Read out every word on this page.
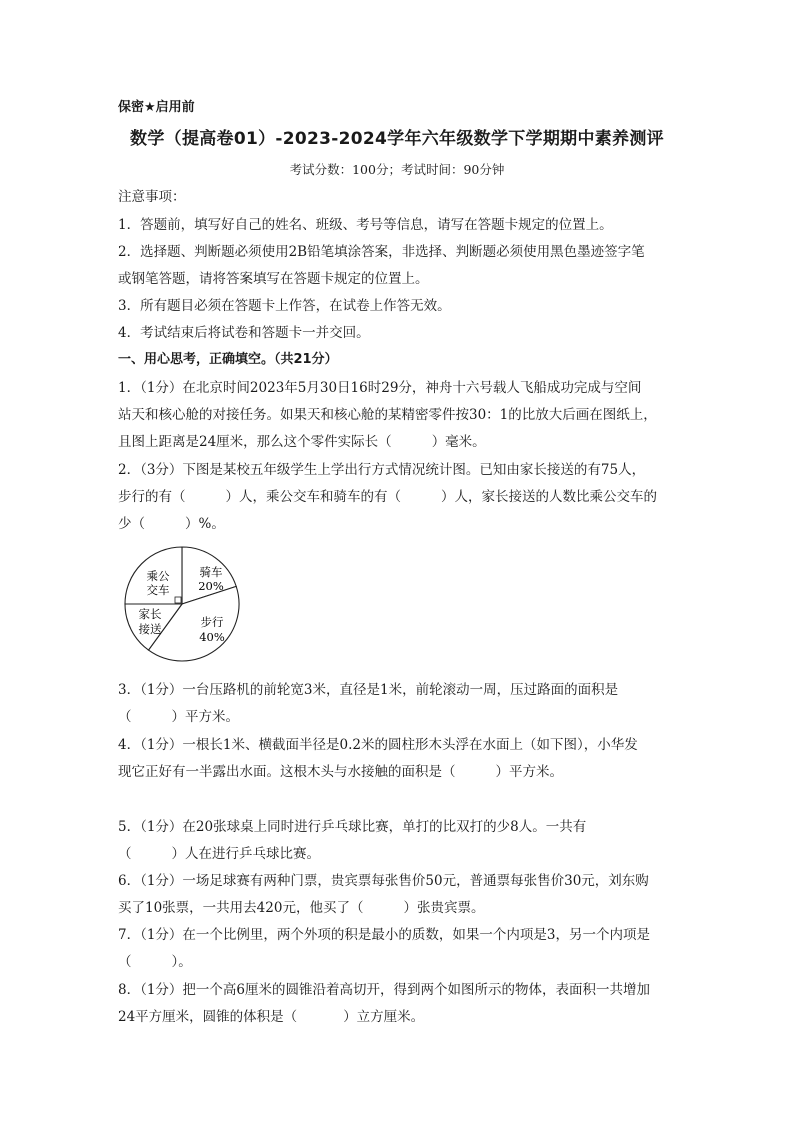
保密★启用前
数学（提高卷01）-2023-2024学年六年级数学下学期期中素养测评
考试分数：100分；考试时间：90分钟
注意事项：
1．答题前，填写好自己的姓名、班级、考号等信息，请写在答题卡规定的位置上。
2．选择题、判断题必须使用2B铅笔填涂答案，非选择、判断题必须使用黑色墨迹签字笔
或钢笔答题，请将答案填写在答题卡规定的位置上。
3．所有题目必须在答题卡上作答，在试卷上作答无效。
4．考试结束后将试卷和答题卡一并交回。
一、用心思考，正确填空。（共21分）
1．（1分）在北京时间2023年5月30日16时29分，神舟十六号载人飞船成功完成与空间
站天和核心舱的对接任务。如果天和核心舱的某精密零件按30：1的比放大后画在图纸上，
且图上距离是24厘米，那么这个零件实际长（	）毫米。
2．（3分）下图是某校五年级学生上学出行方式情况统计图。已知由家长接送的有75人，
步行的有（	）人，乘公交车和骑车的有（	）人，家长接送的人数比乘公交车的
少（	）%。
骑车
20%
步行
40%
家长
接送
乘公
交车
3．（1分）一台压路机的前轮宽3米，直径是1米，前轮滚动一周，压过路面的面积是
（	）平方米。
4．（1分）一根长1米、横截面半径是0.2米的圆柱形木头浮在水面上（如下图），小华发
现它正好有一半露出水面。这根木头与水接触的面积是（	）平方米。
5．（1分）在20张球桌上同时进行乒乓球比赛，单打的比双打的少8人。一共有
（	）人在进行乒乓球比赛。
6．（1分）一场足球赛有两种门票，贵宾票每张售价50元，普通票每张售价30元，刘东购
买了10张票，一共用去420元，他买了（	）张贵宾票。
7．（1分）在一个比例里，两个外项的积是最小的质数，如果一个内项是3，另一个内项是
（	）。
8．（1分）把一个高6厘米的圆锥沿着高切开，得到两个如图所示的物体，表面积一共增加
24平方厘米，圆锥的体积是（	）立方厘米。
